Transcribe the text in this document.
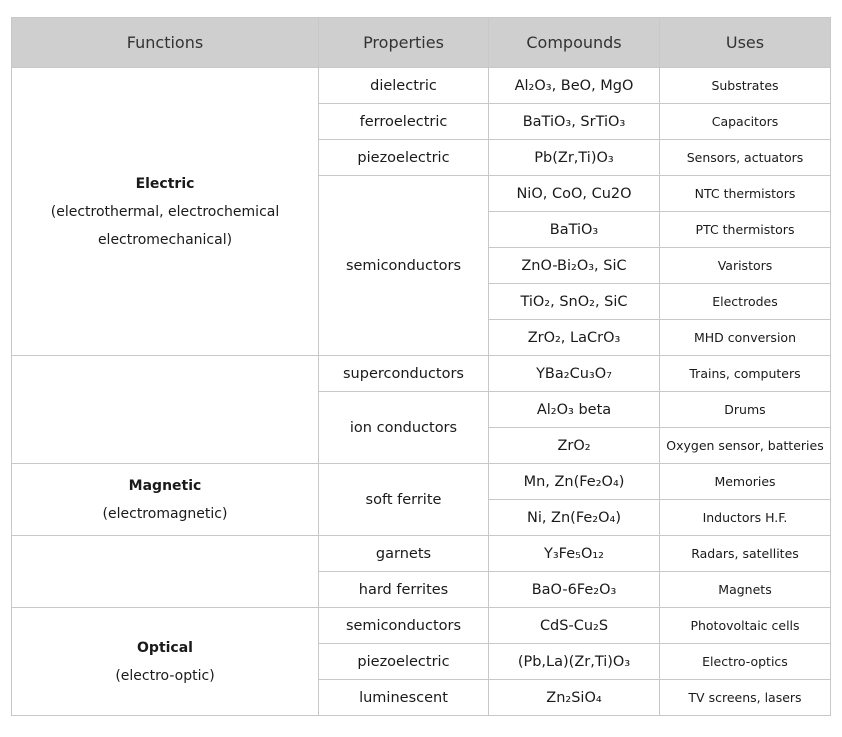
Functions	Properties	Compounds	Uses

Electric
(electrothermal, electrochemical
electromechanical)	dielectric	Al₂O₃, BeO, MgO	Substrates
	ferroelectric	BaTiO₃, SrTiO₃	Capacitors
	piezoelectric	Pb(Zr,Ti)O₃	Sensors, actuators
	semiconductors	NiO, CoO, Cu2O	NTC thermistors
		BaTiO₃	PTC thermistors
		ZnO-Bi₂O₃, SiC	Varistors
		TiO₂, SnO₂, SiC	Electrodes
		ZrO₂, LaCrO₃	MHD conversion
	superconductors	YBa₂Cu₃O₇	Trains, computers
	ion conductors	Al₂O₃ beta	Drums
		ZrO₂	Oxygen sensor, batteries

Magnetic
(electromagnetic)	soft ferrite	Mn, Zn(Fe₂O₄)	Memories
		Ni, Zn(Fe₂O₄)	Inductors H.F.
	garnets	Y₃Fe₅O₁₂	Radars, satellites
	hard ferrites	BaO-6Fe₂O₃	Magnets

Optical
(electro-optic)	semiconductors	CdS-Cu₂S	Photovoltaic cells
	piezoelectric	(Pb,La)(Zr,Ti)O₃	Electro-optics
	luminescent	Zn₂SiO₄	TV screens, lasers
